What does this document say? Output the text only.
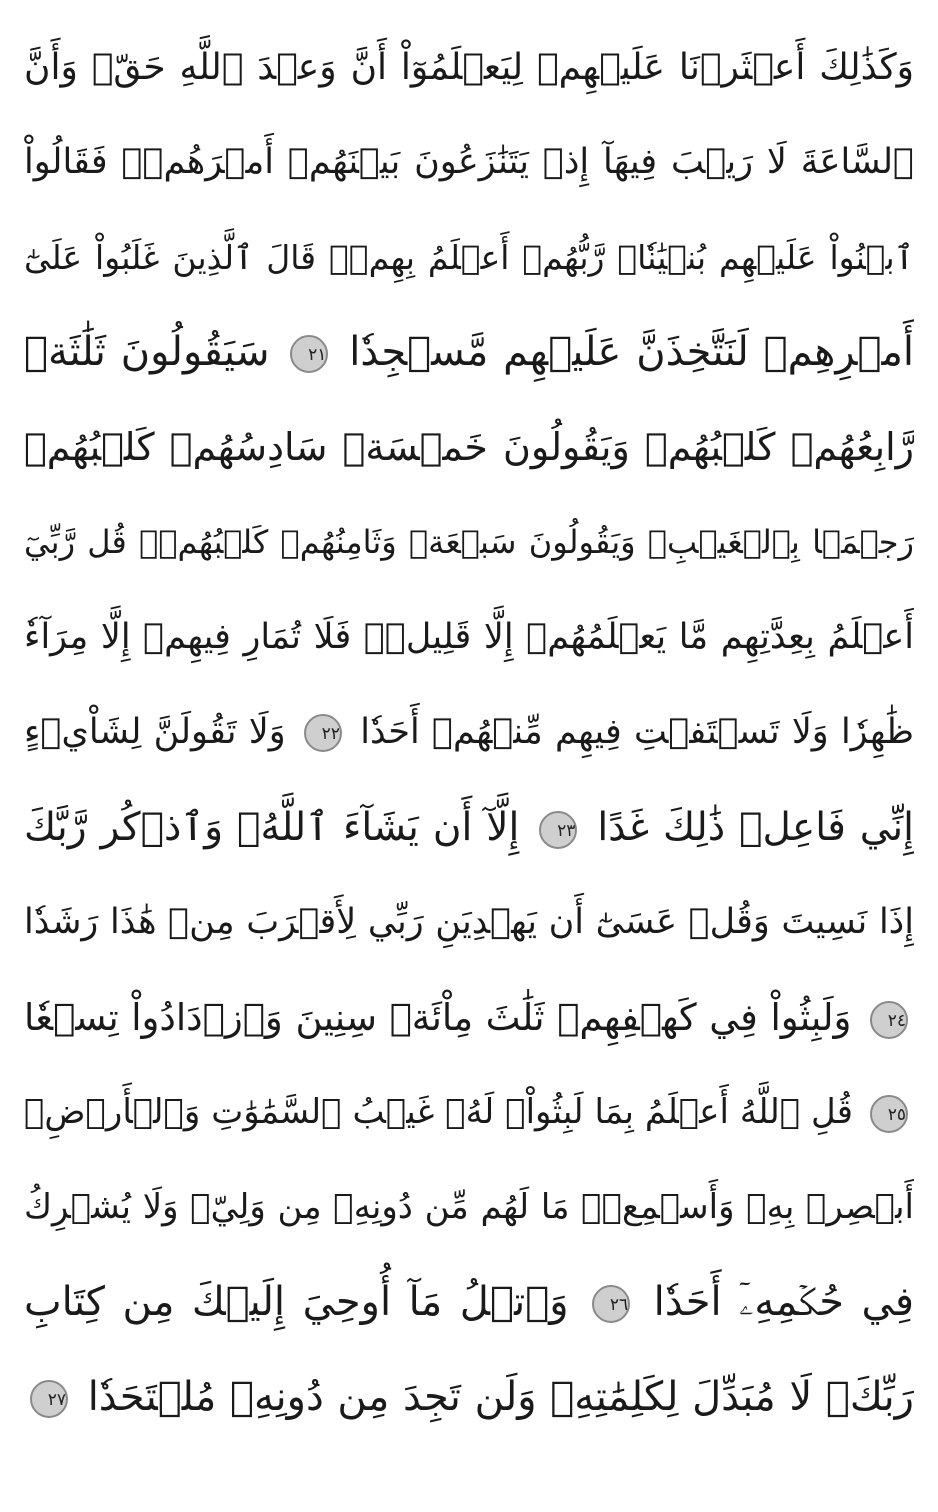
وَكَذَٰلِكَ أَعۡثَرۡنَا عَلَيۡهِمۡ لِيَعۡلَمُوٓاْ أَنَّ وَعۡدَ ٱللَّهِ حَقّٞ وَأَنَّ
ٱلسَّاعَةَ لَا رَيۡبَ فِيهَآ إِذۡ يَتَنَٰزَعُونَ بَيۡنَهُمۡ أَمۡرَهُمۡۖ فَقَالُواْ
ٱبۡنُواْ عَلَيۡهِم بُنۡيَٰنٗاۖ رَّبُّهُمۡ أَعۡلَمُ بِهِمۡۚ قَالَ ٱلَّذِينَ غَلَبُواْ عَلَىٰٓ
أَمۡرِهِمۡ لَنَتَّخِذَنَّ عَلَيۡهِم مَّسۡجِدٗا ٢١ سَيَقُولُونَ ثَلَٰثَةٞ
رَّابِعُهُمۡ كَلۡبُهُمۡ وَيَقُولُونَ خَمۡسَةٞ سَادِسُهُمۡ كَلۡبُهُمۡ
رَجۡمَۢا بِٱلۡغَيۡبِۖ وَيَقُولُونَ سَبۡعَةٞ وَثَامِنُهُمۡ كَلۡبُهُمۡۚ قُل رَّبِّيٓ
أَعۡلَمُ بِعِدَّتِهِم مَّا يَعۡلَمُهُمۡ إِلَّا قَلِيلٞۗ فَلَا تُمَارِ فِيهِمۡ إِلَّا مِرَآءٗ
ظَٰهِرٗا وَلَا تَسۡتَفۡتِ فِيهِم مِّنۡهُمۡ أَحَدٗا ٢٢ وَلَا تَقُولَنَّ لِشَاْيۡءٍ
إِنِّي فَاعِلٞ ذَٰلِكَ غَدًا ٢٣ إِلَّآ أَن يَشَآءَ ٱللَّهُۚ وَٱذۡكُر رَّبَّكَ
إِذَا نَسِيتَ وَقُلۡ عَسَىٰٓ أَن يَهۡدِيَنِ رَبِّي لِأَقۡرَبَ مِنۡ هَٰذَا رَشَدٗا
٢٤ وَلَبِثُواْ فِي كَهۡفِهِمۡ ثَلَٰثَ مِاْئَةٖ سِنِينَ وَٱزۡدَادُواْ تِسۡعٗا
٢٥ قُلِ ٱللَّهُ أَعۡلَمُ بِمَا لَبِثُواْۖ لَهُۥ غَيۡبُ ٱلسَّمَٰوَٰتِ وَٱلۡأَرۡضِۖ
أَبۡصِرۡ بِهِۦ وَأَسۡمِعۡۚ مَا لَهُم مِّن دُونِهِۦ مِن وَلِيّٖ وَلَا يُشۡرِكُ
فِي حُكۡمِهِۦٓ أَحَدٗا ٢٦ وَٱتۡلُ مَآ أُوحِيَ إِلَيۡكَ مِن كِتَابِ
رَبِّكَۖ لَا مُبَدِّلَ لِكَلِمَٰتِهِۦ وَلَن تَجِدَ مِن دُونِهِۦ مُلۡتَحَدٗا ٢٧
